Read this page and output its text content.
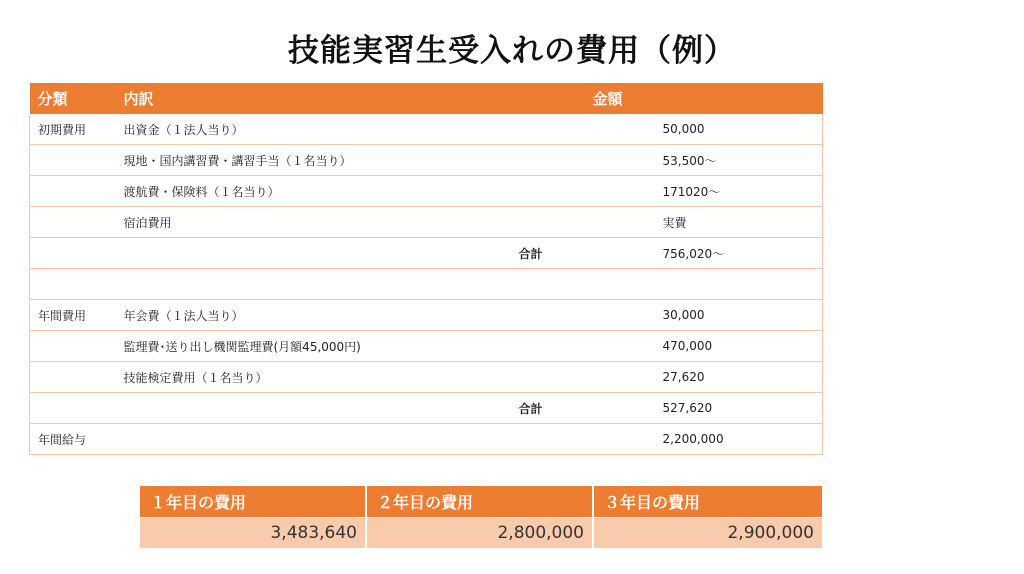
技能実習生受入れの費用（例）
分類	内訳		金額
初期費用	出資金（１法人当り）		50,000
	現地・国内講習費・講習手当（１名当り）		53,500～
	渡航費・保険料（１名当り）		171020～
	宿泊費用		実費
		合計	756,020～

年間費用	年会費（１法人当り）		30,000
	監理費･送り出し機関監理費(月額45,000円)		470,000
	技能検定費用（１名当り）		27,620
		合計	527,620
年間給与			2,200,000
１年目の費用	２年目の費用	３年目の費用
3,483,640	2,800,000	2,900,000
